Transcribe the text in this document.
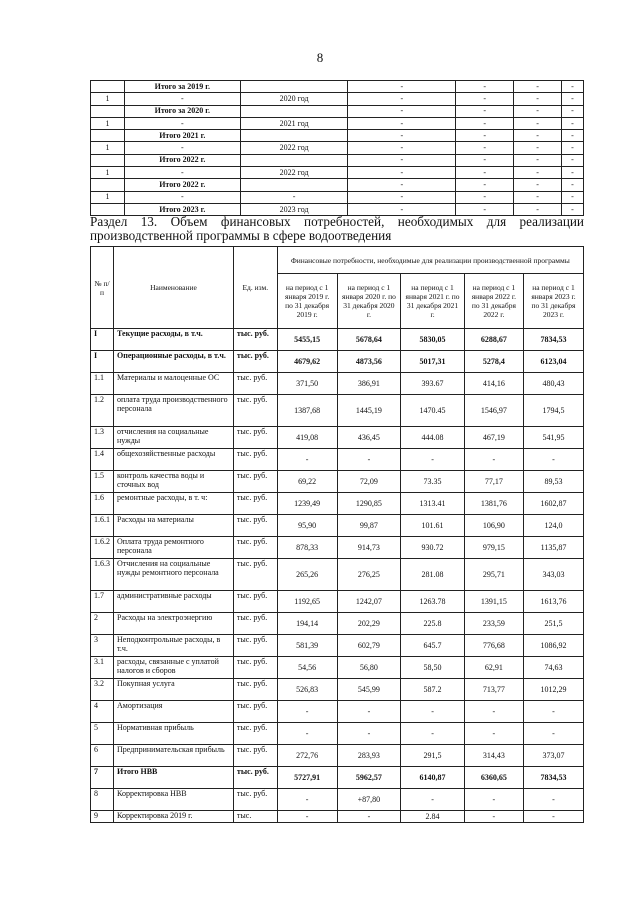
8
	Итого за 2019 г.		-	-	-	-
1	-	2020 год	-	-	-	-
	Итого за 2020 г.		-	-	-	-
1	-	2021 год	-	-	-	-
	Итого 2021 г.		-	-	-	-
1	-	2022 год	-	-	-	-
	Итого 2022 г.		-	-	-	-
1	-	2022 год	-	-	-	-
	Итого 2022 г.		-	-	-	-
1	-	-	-	-	-	-
	Итого 2023 г.	2023 год	-	-	-	-
Раздел 13. Объем финансовых потребностей, необходимых для реализации производственной программы в сфере водоотведения
№ п/п	Наименование	Ед. изм.	Финансовые потребности, необходимые для реализации производственной программы				
			на период с 1 января 2019 г. по 31 декабря 2019 г.	на период с 1 января 2020 г. по 31 декабря 2020 г.	на период с 1 января 2021 г. по 31 декабря 2021 г.	на период с 1 января 2022 г. по 31 декабря 2022 г.	на период с 1 января 2023 г. по 31 декабря 2023 г.
I	Текущие расходы, в т.ч.	тыс. руб.	5455,15	5678,64	5830,05	6288,67	7834,53
I	Операционные расходы, в т.ч.	тыс. руб.	4679,62	4873,56	5017,31	5278,4	6123,04
1.1	Материалы и малоценные ОС	тыс. руб.	371,50	386,91	393.67	414,16	480,43
1.2	оплата труда производственного персонала	тыс. руб.	1387,68	1445,19	1470.45	1546,97	1794,5
1.3	отчисления на социальные нужды	тыс. руб.	419,08	436,45	444.08	467,19	541,95
1.4	общехозяйственные расходы	тыс. руб.	-	-	-	-	-
1.5	контроль качества воды и сточных вод	тыс. руб.	69,22	72,09	73.35	77,17	89,53
1.6	ремонтные расходы, в т. ч:	тыс. руб.	1239,49	1290,85	1313.41	1381,76	1602,87
1.6.1	Расходы на материалы	тыс. руб.	95,90	99,87	101.61	106,90	124,0
1.6.2	Оплата труда ремонтного персонала	тыс. руб.	878,33	914,73	930.72	979,15	1135,87
1.6.3	Отчисления на социальные нужды ремонтного персонала	тыс. руб.	265,26	276,25	281.08	295,71	343,03
1.7	административные расходы	тыс. руб.	1192,65	1242,07	1263.78	1391,15	1613,76
2	Расходы на электроэнергию	тыс. руб.	194,14	202,29	225.8	233,59	251,5
3	Неподконтрольные расходы, в т.ч.	тыс. руб.	581,39	602,79	645.7	776,68	1086,92
3.1	расходы, связанные с уплатой налогов и сборов	тыс. руб.	54,56	56,80	58,50	62,91	74,63
3.2	Покупная услуга	тыс. руб.	526,83	545,99	587.2	713,77	1012,29
4	Амортизация	тыс. руб.	-	-	-	-	-
5	Нормативная прибыль	тыс. руб.	-	-	-	-	-
6	Предпринимательская прибыль	тыс. руб.	272,76	283,93	291,5	314,43	373,07
7	Итого НВВ	тыс. руб.	5727,91	5962,57	6140,87	6360,65	7834,53
8	Корректировка НВВ	тыс. руб.	-	+87,80	-	-	-
9	Корректировка 2019 г.	тыс.	-	-	2.84	-	-
